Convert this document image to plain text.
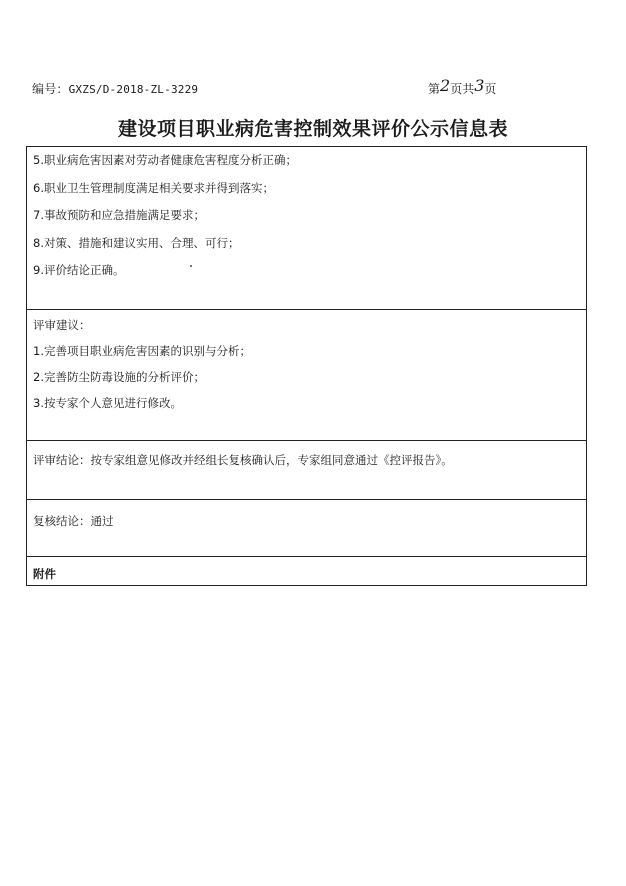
编号：GXZS/D-2018-ZL-3229	第2页共3页
建设项目职业病危害控制效果评价公示信息表
5.职业病危害因素对劳动者健康危害程度分析正确；
6.职业卫生管理制度满足相关要求并得到落实；
7.事故预防和应急措施满足要求；
8.对策、措施和建议实用、合理、可行；
9.评价结论正确。
评审建议：
1.完善项目职业病危害因素的识别与分析；
2.完善防尘防毒设施的分析评价；
3.按专家个人意见进行修改。
评审结论：按专家组意见修改并经组长复核确认后，专家组同意通过《控评报告》。
复核结论：通过
附件
